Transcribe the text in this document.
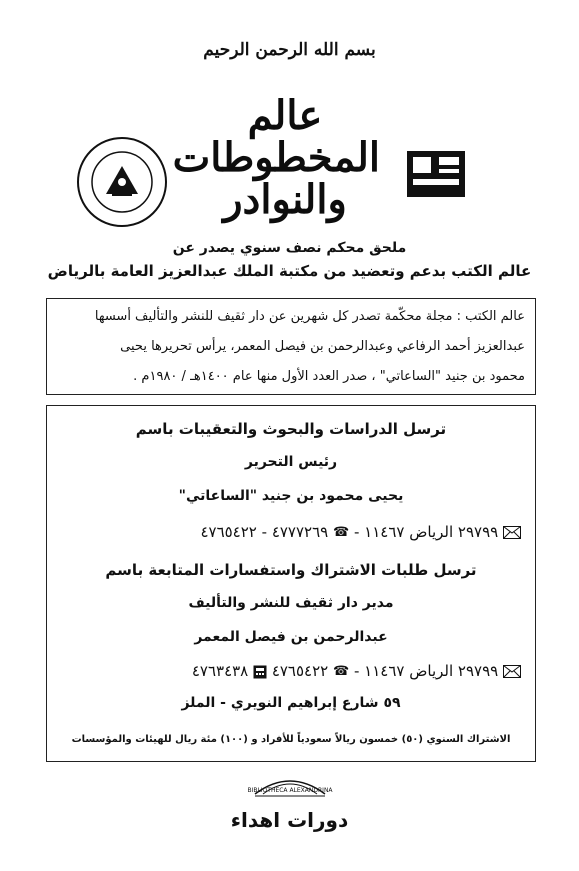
بسم الله الرحمن الرحيم
عالم
المخطوطات
والنوادر
ملحق محكم نصف سنوي يصدر عن
عالم الكتب بدعم وتعضيد من مكتبة الملك عبدالعزيز العامة بالرياض
عالم الكتب : مجلة محكّمة تصدر كل شهرين عن دار ثقيف للنشر والتأليف أسسها
عبدالعزيز أحمد الرفاعي وعبدالرحمن بن فيصل المعمر، يرأس تحريرها يحيى
محمود بن جنيد "الساعاتي" ، صدر العدد الأول منها عام ١٤٠٠هـ / ١٩٨٠م .
ترسل الدراسات والبحوث والتعقيبات باسم
رئيس التحرير
يحيى محمود بن جنيد "الساعاتي"
٢٩٧٩٩ الرياض ١١٤٦٧ - ☎ ٤٧٧٧٢٦٩ - ٤٧٦٥٤٢٢
ترسل طلبات الاشتراك واستفسارات المتابعة باسم
مدير دار ثقيف للنشر والتأليف
عبدالرحمن بن فيصل المعمر
٢٩٧٩٩ الرياض ١١٤٦٧ - ☎ ٤٧٦٥٤٢٢  ٤٧٦٣٤٣٨
٥٩ شارع إبراهيم النويري - الملز
الاشتراك السنوي (٥٠) خمسون ريالاً سعودياً للأفراد و (١٠٠) مئة ريال للهيئات والمؤسسات
BIBLIOTHECA ALEXANDRINA
دورات اهداء
